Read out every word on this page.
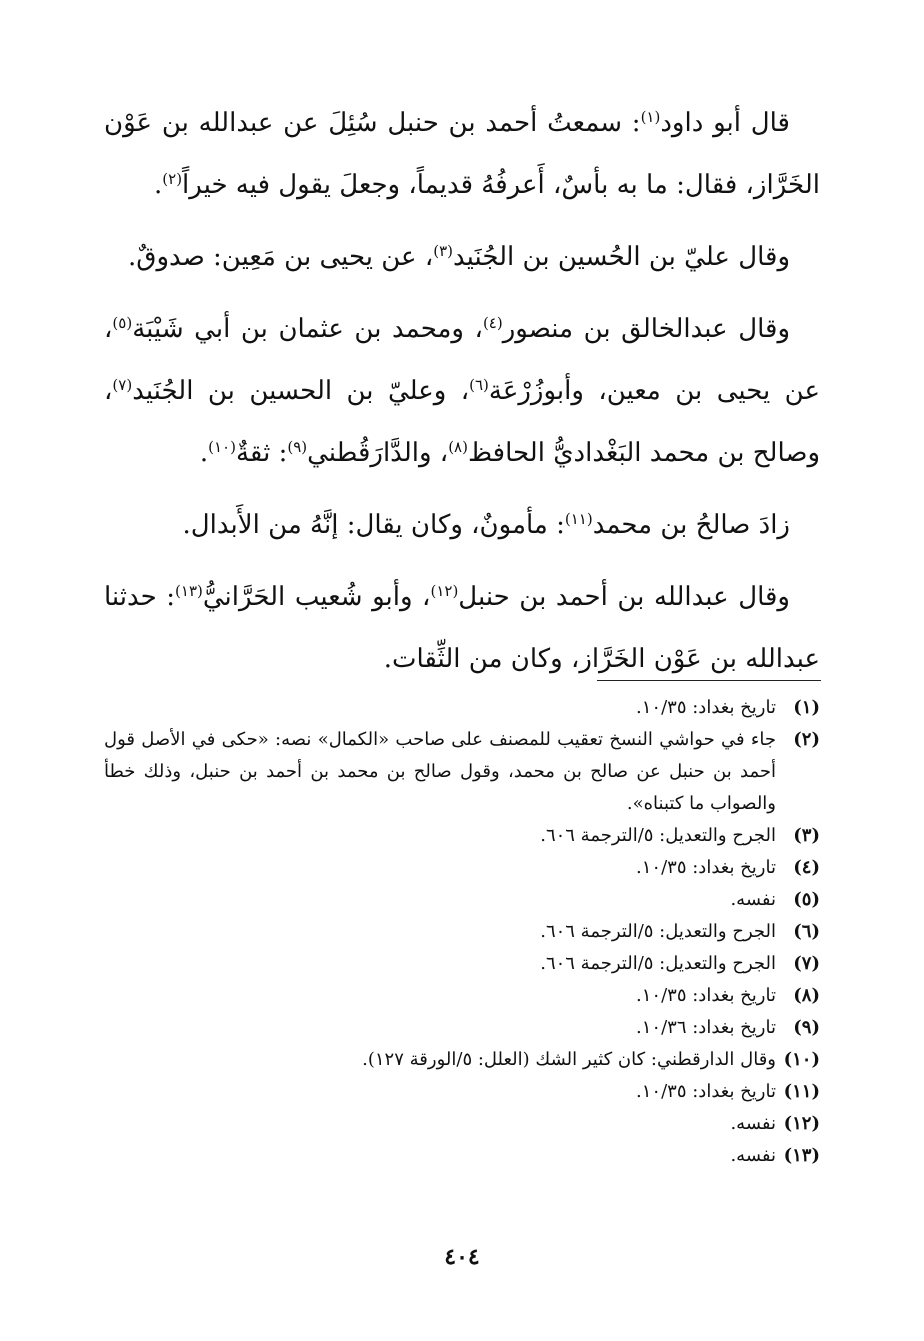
قال أبو داود$^{(١)}$: سمعتُ أحمد بن حنبل سُئِلَ عن عبدالله بن عَوْن الخَرَّاز، فقال: ما به بأسٌ، أَعرفُهُ قديماً، وجعلَ يقول فيه خيراً$^{(٢)}$.

وقال عليّ بن الحُسين بن الجُنَيد$^{(٣)}$، عن يحيى بن مَعِين: صدوقٌ.

وقال عبدالخالق بن منصور$^{(٤)}$، ومحمد بن عثمان بن أبي شَيْبَة$^{(٥)}$، عن يحيى بن معين، وأبوزُرْعَة$^{(٦)}$، وعليّ بن الحسين بن الجُنَيد$^{(٧)}$، وصالح بن محمد البَغْداديُّ الحافظ$^{(٨)}$، والدَّارَقُطني$^{(٩)}$: ثقةٌ$^{(١٠)}$.

زادَ صالحُ بن محمد$^{(١١)}$: مأمونٌ، وكان يقال: إنَّهُ من الأَبدال.

وقال عبدالله بن أحمد بن حنبل$^{(١٢)}$، وأبو شُعيب الحَرَّانيُّ$^{(١٣)}$: حدثنا عبدالله بن عَوْن الخَرَّاز، وكان من الثِّقات.

(١)
تاريخ بغداد: ١٠/٣٥.
(٢)
جاء في حواشي النسخ تعقيب للمصنف على صاحب «الكمال» نصه: «حكى في الأصل قول أحمد بن حنبل عن صالح بن محمد، وقول صالح بن محمد بن أحمد بن حنبل، وذلك خطأ والصواب ما كتبناه».
(٣)
الجرح والتعديل: ٥/الترجمة ٦٠٦.
(٤)
تاريخ بغداد: ١٠/٣٥.
(٥)
نفسه.
(٦)
الجرح والتعديل: ٥/الترجمة ٦٠٦.
(٧)
الجرح والتعديل: ٥/الترجمة ٦٠٦.
(٨)
تاريخ بغداد: ١٠/٣٥.
(٩)
تاريخ بغداد: ١٠/٣٦.
(١٠)
وقال الدارقطني: كان كثير الشك (العلل: ٥/الورقة ١٢٧).
(١١)
تاريخ بغداد: ١٠/٣٥.
(١٢)
نفسه.
(١٣)
نفسه.
٤٠٤
